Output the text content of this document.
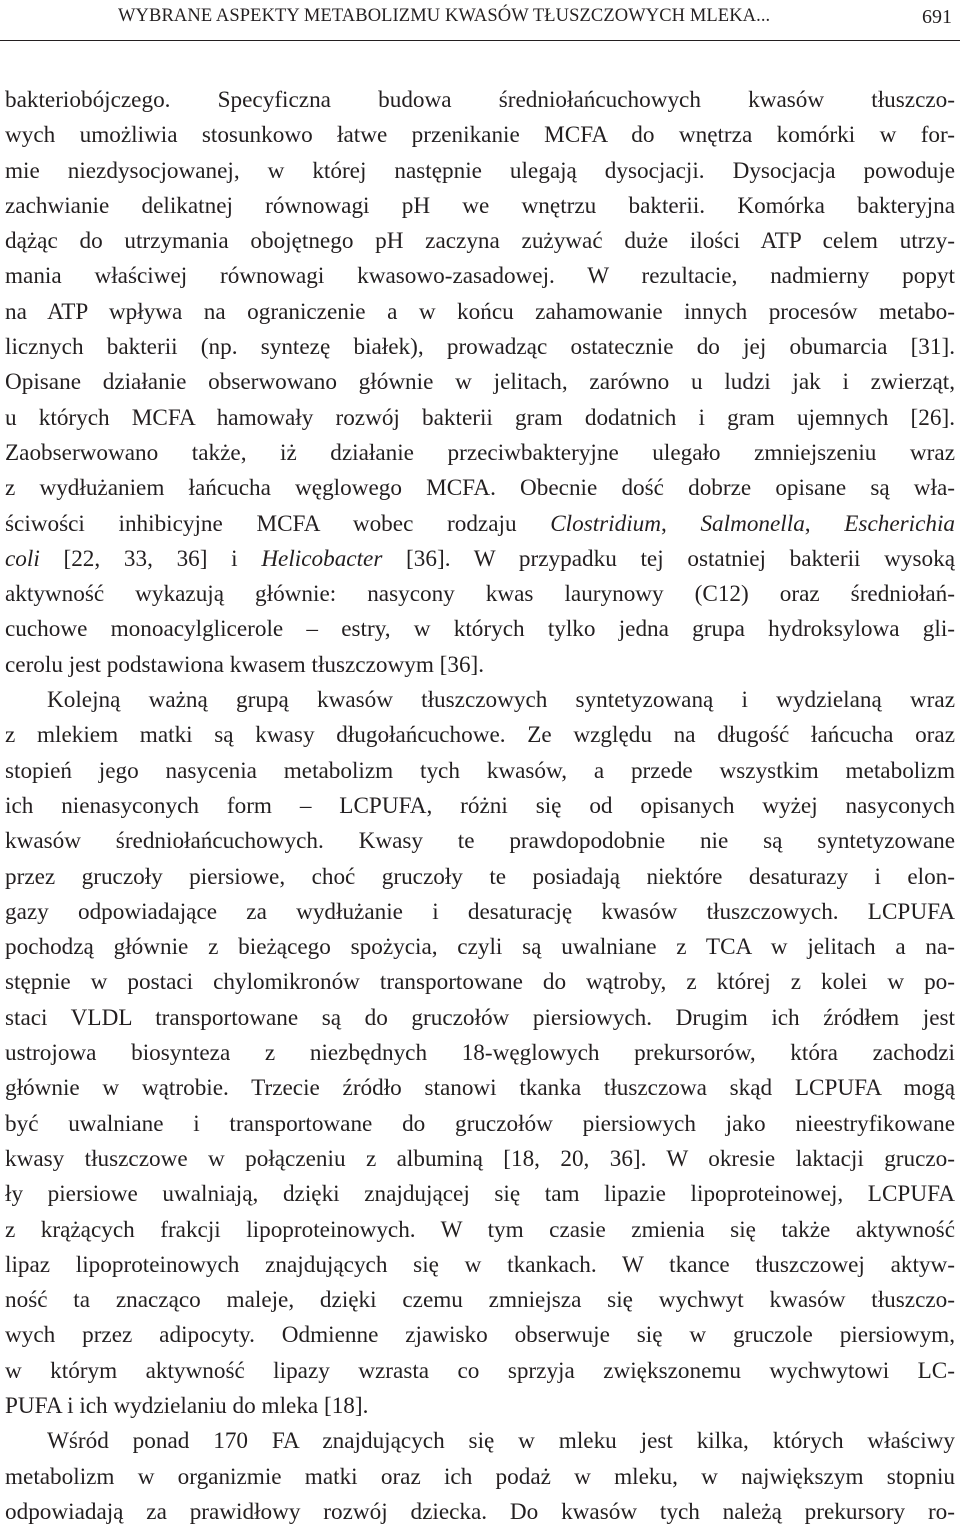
WYBRANE ASPEKTY METABOLIZMU KWASÓW TŁUSZCZOWYCH MLEKA...	691
bakteriobójczego. Specyficzna budowa średniołańcuchowych kwasów tłuszczo-
wych umożliwia stosunkowo łatwe przenikanie MCFA do wnętrza komórki w for-
mie niezdysocjowanej, w której następnie ulegają dysocjacji. Dysocjacja powoduje
zachwianie delikatnej równowagi pH we wnętrzu bakterii. Komórka bakteryjna
dążąc do utrzymania obojętnego pH zaczyna zużywać duże ilości ATP celem utrzy-
mania właściwej równowagi kwasowo-zasadowej. W rezultacie, nadmierny popyt
na ATP wpływa na ograniczenie a w końcu zahamowanie innych procesów metabo-
licznych bakterii (np. syntezę białek), prowadząc ostatecznie do jej obumarcia [31].
Opisane działanie obserwowano głównie w jelitach, zarówno u ludzi jak i zwierząt,
u których MCFA hamowały rozwój bakterii gram dodatnich i gram ujemnych [26].
Zaobserwowano także, iż działanie przeciwbakteryjne ulegało zmniejszeniu wraz
z wydłużaniem łańcucha węglowego MCFA. Obecnie dość dobrze opisane są wła-
ściwości inhibicyjne MCFA wobec rodzaju Clostridium, Salmonella, Escherichia
coli [22, 33, 36] i Helicobacter [36]. W przypadku tej ostatniej bakterii wysoką
aktywność wykazują głównie: nasycony kwas laurynowy (C12) oraz średniołań-
cuchowe monoacylglicerole – estry, w których tylko jedna grupa hydroksylowa gli-
cerolu jest podstawiona kwasem tłuszczowym [36].
Kolejną ważną grupą kwasów tłuszczowych syntetyzowaną i wydzielaną wraz
z mlekiem matki są kwasy długołańcuchowe. Ze względu na długość łańcucha oraz
stopień jego nasycenia metabolizm tych kwasów, a przede wszystkim metabolizm
ich nienasyconych form – LCPUFA, różni się od opisanych wyżej nasyconych
kwasów średniołańcuchowych. Kwasy te prawdopodobnie nie są syntetyzowane
przez gruczoły piersiowe, choć gruczoły te posiadają niektóre desaturazy i elon-
gazy odpowiadające za wydłużanie i desaturację kwasów tłuszczowych. LCPUFA
pochodzą głównie z bieżącego spożycia, czyli są uwalniane z TCA w jelitach a na-
stępnie w postaci chylomikronów transportowane do wątroby, z której z kolei w po-
staci VLDL transportowane są do gruczołów piersiowych. Drugim ich źródłem jest
ustrojowa biosynteza z niezbędnych 18-węglowych prekursorów, która zachodzi
głównie w wątrobie. Trzecie źródło stanowi tkanka tłuszczowa skąd LCPUFA mogą
być uwalniane i transportowane do gruczołów piersiowych jako nieestryfikowane
kwasy tłuszczowe w połączeniu z albuminą [18, 20, 36]. W okresie laktacji gruczo-
ły piersiowe uwalniają, dzięki znajdującej się tam lipazie lipoproteinowej, LCPUFA
z krążących frakcji lipoproteinowych. W tym czasie zmienia się także aktywność
lipaz lipoproteinowych znajdujących się w tkankach. W tkance tłuszczowej aktyw-
ność ta znacząco maleje, dzięki czemu zmniejsza się wychwyt kwasów tłuszczo-
wych przez adipocyty. Odmienne zjawisko obserwuje się w gruczole piersiowym,
w którym aktywność lipazy wzrasta co sprzyja zwiększonemu wychwytowi LC-
PUFA i ich wydzielaniu do mleka [18].
Wśród ponad 170 FA znajdujących się w mleku jest kilka, których właściwy
metabolizm w organizmie matki oraz ich podaż w mleku, w największym stopniu
odpowiadają za prawidłowy rozwój dziecka. Do kwasów tych należą prekursory ro-
